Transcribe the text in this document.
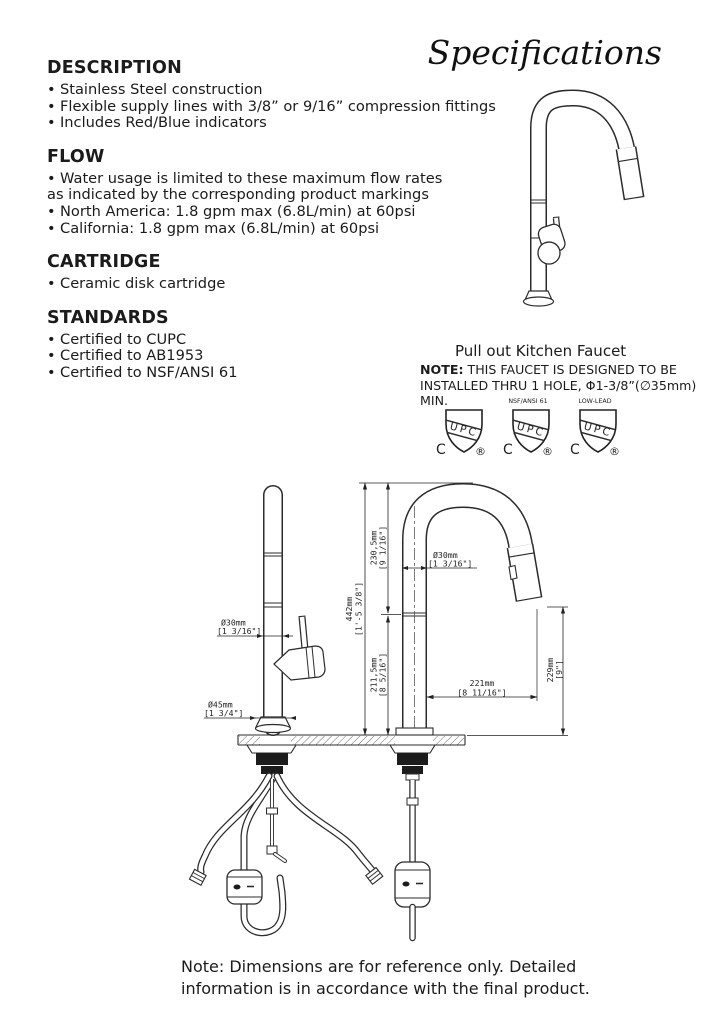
DESCRIPTION
• Stainless Steel construction
• Flexible supply lines with 3/8” or 9/16” compression fittings
• Includes Red/Blue indicators
FLOW
• Water usage is limited to these maximum flow rates
as indicated by the corresponding product markings
• North America: 1.8 gpm max (6.8L/min) at 60psi
• California: 1.8 gpm max (6.8L/min) at 60psi
CARTRIDGE
• Ceramic disk cartridge
STANDARDS
• Certified to CUPC
• Certified to AB1953
• Certified to NSF/ANSI 61
Specifications
Pull out Kitchen Faucet
NOTE: THIS FAUCET IS DESIGNED TO BE
INSTALLED THRU 1 HOLE, Φ1-3/8”(∅35mm) MIN.
UPC
C	®
NSF/ANSI 61
UPC
C	®
LOW-LEAD
UPC
C	®
230,5mm [9 1/16"]
442mm [1'-5 3/8"]
211,5mm [8 5/16"]
Ø30mm
[1 3/16"]
221mm
[8 11/16"]
229mm [9"]
Ø30mm
[1 3/16"]
Ø45mm
[1 3/4"]
Note: Dimensions are for reference only. Detailed
information is in accordance with the final product.
